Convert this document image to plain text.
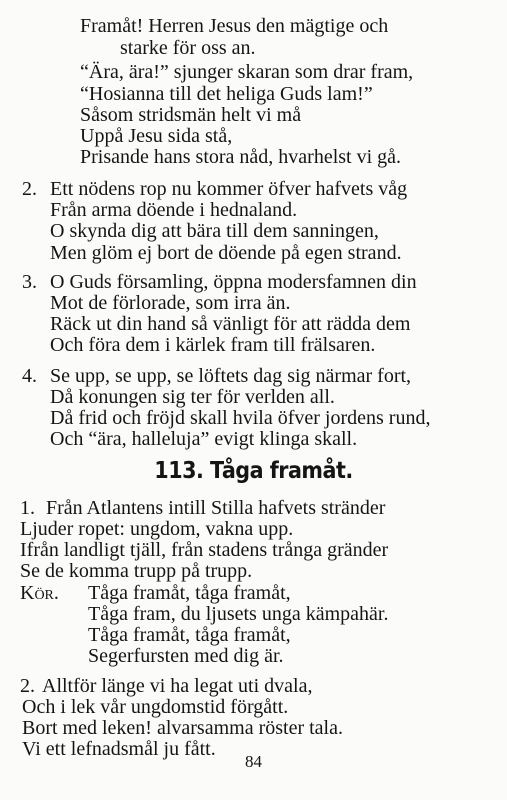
Framåt! Herren Jesus den mägtige och
starke för oss an.
“Ära, ära!” sjunger skaran som drar fram,
“Hosianna till det heliga Guds lam!”
Såsom stridsmän helt vi må
Uppå Jesu sida stå,
Prisande hans stora nåd, hvarhelst vi gå.
2. Ett nödens rop nu kommer öfver hafvets våg
Från arma döende i hednaland.
O skynda dig att bära till dem sanningen,
Men glöm ej bort de döende på egen strand.
3. O Guds församling, öppna modersfamnen din
Mot de förlorade, som irra än.
Räck ut din hand så vänligt för att rädda dem
Och föra dem i kärlek fram till frälsaren.
4. Se upp, se upp, se löftets dag sig närmar fort,
Då konungen sig ter för verlden all.
Då frid och fröjd skall hvila öfver jordens rund,
Och “ära, halleluja” evigt klinga skall.
113. Tåga framåt.
1. Från Atlantens intill Stilla hafvets stränder
Ljuder ropet: ungdom, vakna upp.
Ifrån landligt tjäll, från stadens trånga gränder
Se de komma trupp på trupp.
Kör. Tåga framåt, tåga framåt,
Tåga fram, du ljusets unga kämpahär.
Tåga framåt, tåga framåt,
Segerfursten med dig är.
2. Alltför länge vi ha legat uti dvala,
Och i lek vår ungdomstid förgått.
Bort med leken! alvarsamma röster tala.
Vi ett lefnadsmål ju fått.
84
